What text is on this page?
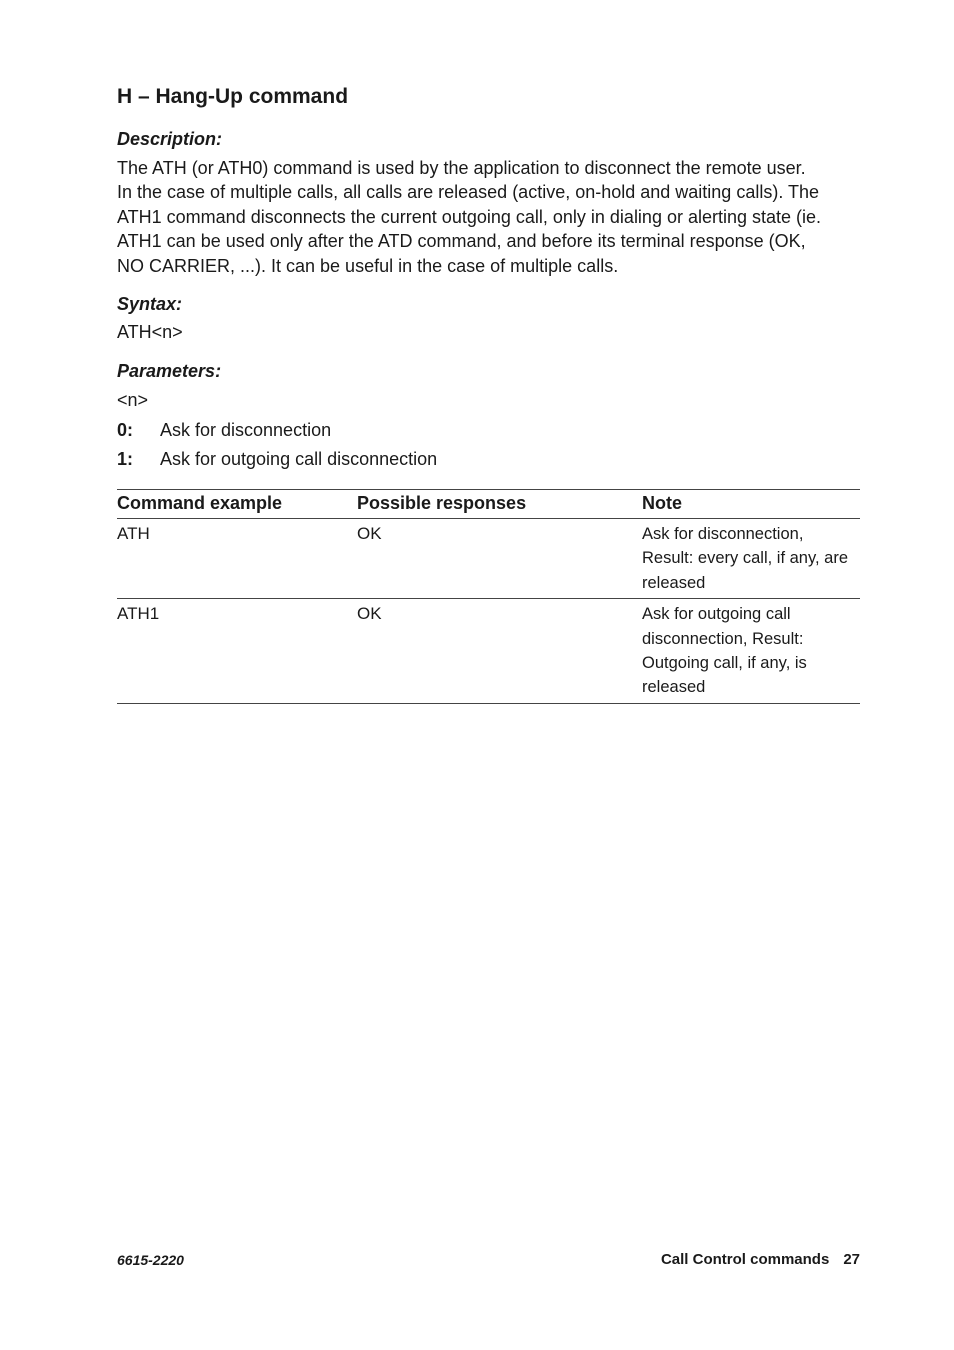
H – Hang-Up command
Description:
The ATH (or ATH0) command is used by the application to disconnect the remote user.
In the case of multiple calls, all calls are released (active, on-hold and waiting calls). The
ATH1 command disconnects the current outgoing call, only in dialing or alerting state (ie.
ATH1 can be used only after the ATD command, and before its terminal response (OK,
NO CARRIER, ...). It can be useful in the case of multiple calls.
Syntax:
ATH<n>
Parameters:
<n>
0: Ask for disconnection
1: Ask for outgoing call disconnection
Command example	Possible responses	Note
ATH	OK	Ask for disconnection,
Result: every call, if any, are
released

ATH1	OK	Ask for outgoing call
disconnection, Result:
Outgoing call, if any, is
released
6615-2220	Call Control commands 27
